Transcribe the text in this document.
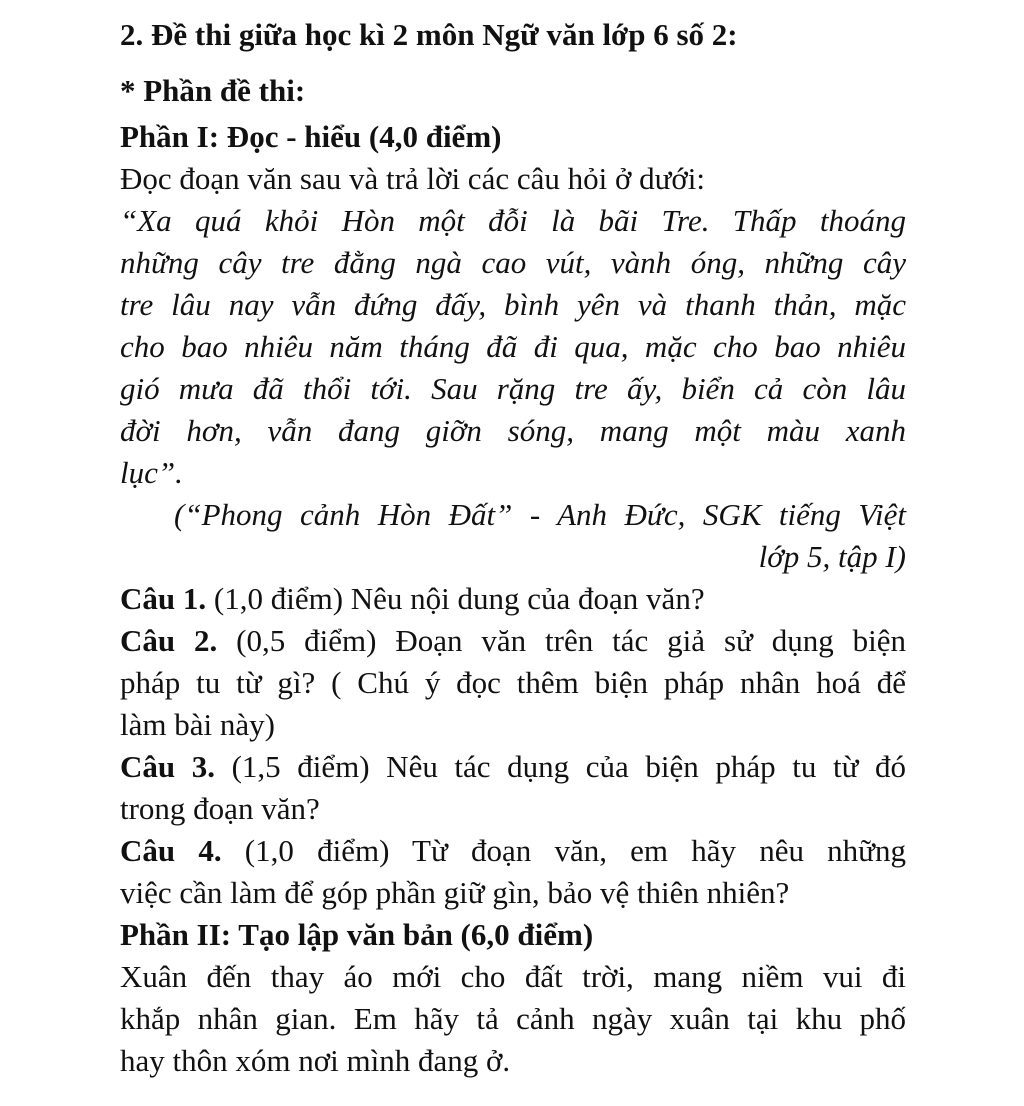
2. Đề thi giữa học kì 2 môn Ngữ văn lớp 6 số 2:
* Phần đề thi:
Phần I: Đọc - hiểu (4,0 điểm)
Đọc đoạn văn sau và trả lời các câu hỏi ở dưới:
“Xa quá khỏi Hòn một đỗi là bãi Tre. Thấp thoáng
những cây tre đằng ngà cao vút, vành óng, những cây
tre lâu nay vẫn đứng đấy, bình yên và thanh thản, mặc
cho bao nhiêu năm tháng đã đi qua, mặc cho bao nhiêu
gió mưa đã thổi tới. Sau rặng tre ấy, biển cả còn lâu
đời hơn, vẫn đang giỡn sóng, mang một màu xanh
lục”.
(“Phong cảnh Hòn Đất” - Anh Đức, SGK tiếng Việt
lớp 5, tập I)
Câu 1. (1,0 điểm) Nêu nội dung của đoạn văn?
Câu 2. (0,5 điểm) Đoạn văn trên tác giả sử dụng biện
pháp tu từ gì? ( Chú ý đọc thêm biện pháp nhân hoá để
làm bài này)
Câu 3. (1,5 điểm) Nêu tác dụng của biện pháp tu từ đó
trong đoạn văn?
Câu 4. (1,0 điểm) Từ đoạn văn, em hãy nêu những
việc cần làm để góp phần giữ gìn, bảo vệ thiên nhiên?
Phần II: Tạo lập văn bản (6,0 điểm)
Xuân đến thay áo mới cho đất trời, mang niềm vui đi
khắp nhân gian. Em hãy tả cảnh ngày xuân tại khu phố
hay thôn xóm nơi mình đang ở.
